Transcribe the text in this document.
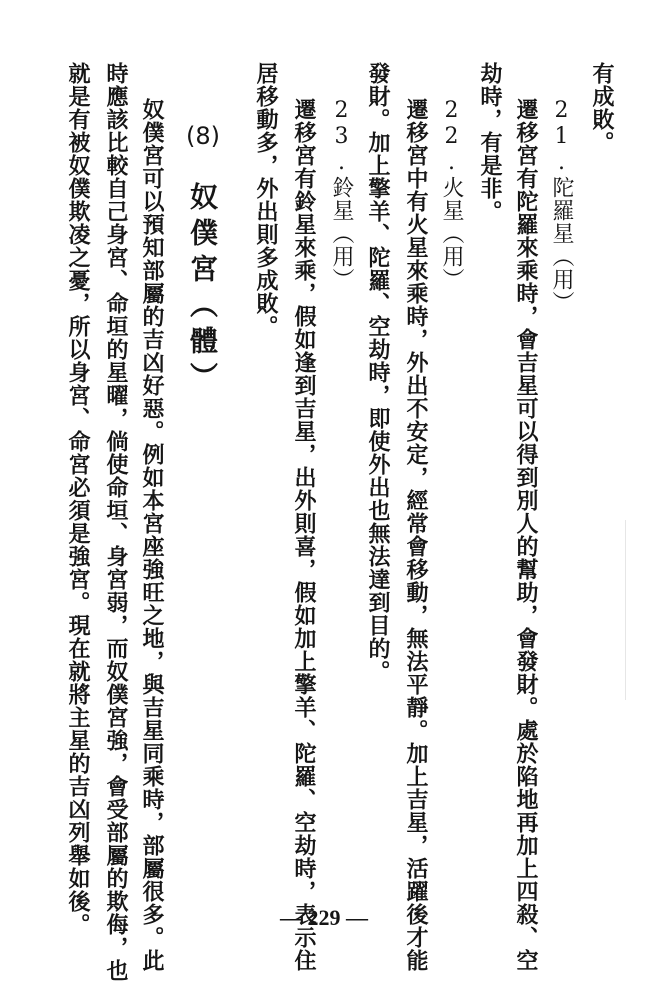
有成敗。
21.陀羅星（用）
遷移宮有陀羅來乘時，會吉星可以得到別人的幫助，會發財。處於陷地再加上四殺、空
劫時，有是非。
22.火星（用）
遷移宮中有火星來乘時，外出不安定，經常會移動，無法平靜。加上吉星，活躍後才能
發財。加上擎羊、陀羅、空劫時，即使外出也無法達到目的。
23.鈴星（用）
遷移宮有鈴星來乘，假如逢到吉星，出外則喜，假如加上擎羊、陀羅、空劫時，表示住
居移動多，外出則多成敗。
(8)
奴僕宮（體）
奴僕宮可以預知部屬的吉凶好惡。例如本宮座強旺之地，與吉星同乘時，部屬很多。此
時應該比較自己身宮、命垣的星曜，倘使命垣、身宮弱，而奴僕宮強，會受部屬的欺侮，也
就是有被奴僕欺凌之憂，所以身宮、命宮必須是強宮。現在就將主星的吉凶列舉如後。	— 229 —
